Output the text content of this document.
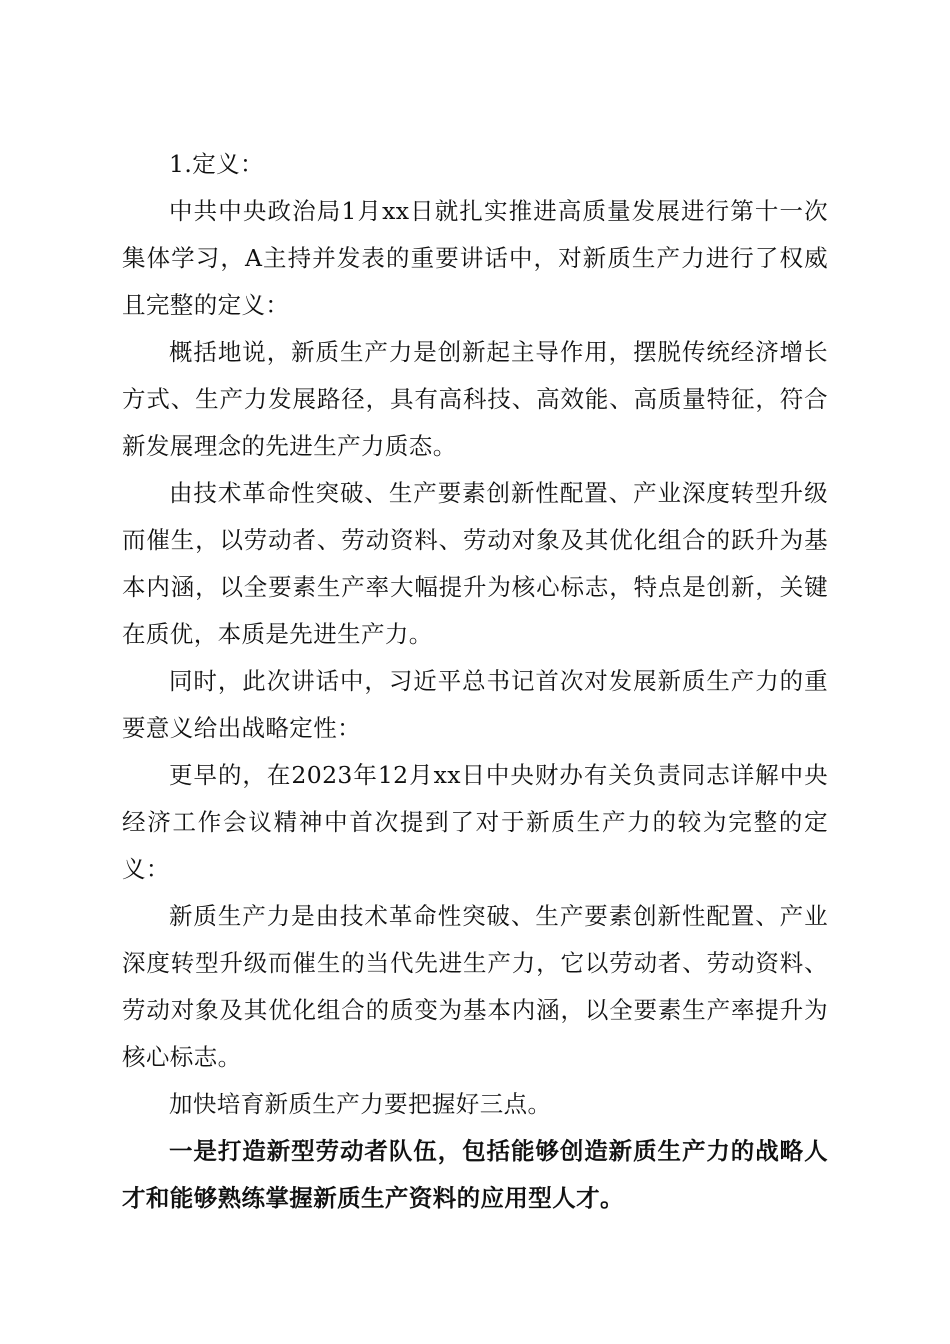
1.定义：

中共中央政治局1月xx日就扎实推进高质量发展进行第十一次集体学习，A主持并发表的重要讲话中，对新质生产力进行了权威且完整的定义：

概括地说，新质生产力是创新起主导作用，摆脱传统经济增长方式、生产力发展路径，具有高科技、高效能、高质量特征，符合新发展理念的先进生产力质态。

由技术革命性突破、生产要素创新性配置、产业深度转型升级而催生，以劳动者、劳动资料、劳动对象及其优化组合的跃升为基本内涵，以全要素生产率大幅提升为核心标志，特点是创新，关键在质优，本质是先进生产力。

同时，此次讲话中，习近平总书记首次对发展新质生产力的重要意义给出战略定性：

更早的，在2023年12月xx日中央财办有关负责同志详解中央经济工作会议精神中首次提到了对于新质生产力的较为完整的定义：

新质生产力是由技术革命性突破、生产要素创新性配置、产业深度转型升级而催生的当代先进生产力，它以劳动者、劳动资料、劳动对象及其优化组合的质变为基本内涵，以全要素生产率提升为核心标志。

加快培育新质生产力要把握好三点。

一是打造新型劳动者队伍，包括能够创造新质生产力的战略人才和能够熟练掌握新质生产资料的应用型人才。
